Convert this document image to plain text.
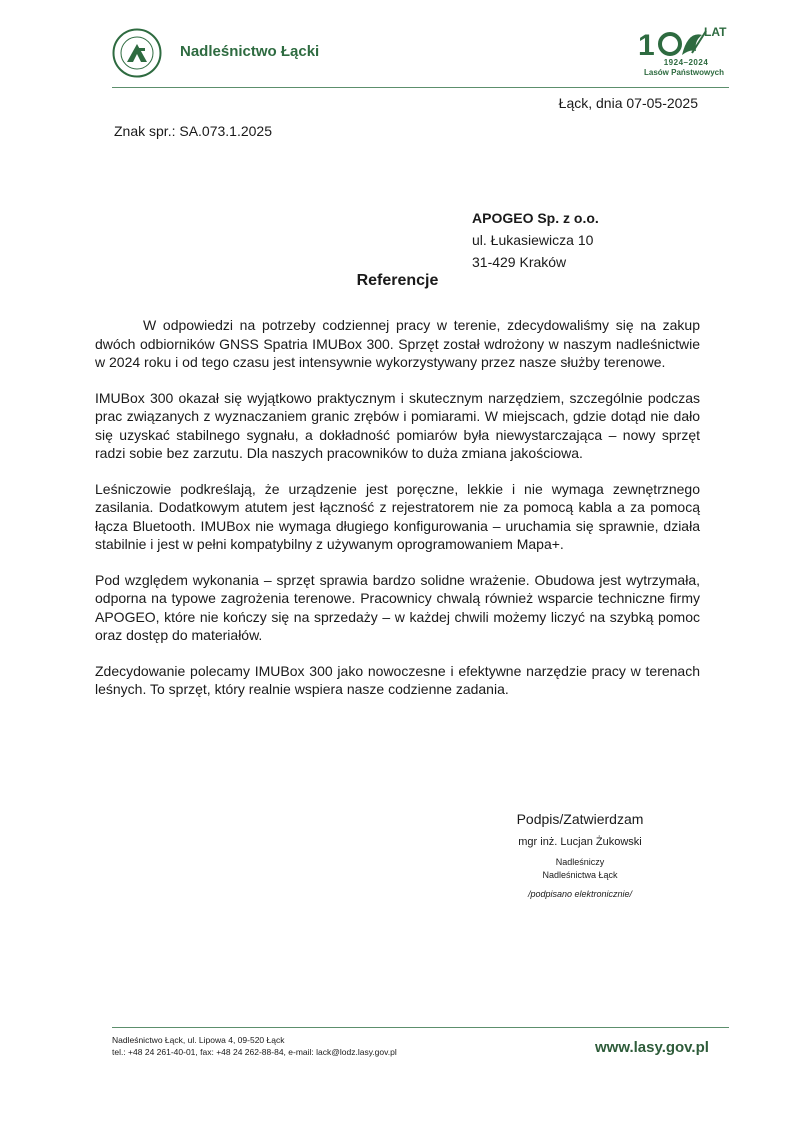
Nadleśnictwo Łącki	1	LAT
1924–2024
Lasów Państwowych
Łąck, dnia 07-05-2025
Znak spr.: SA.073.1.2025
APOGEO Sp. z o.o.
ul. Łukasiewicza 10
31-429 Kraków
Referencje

W odpowiedzi na potrzeby codziennej pracy w terenie, zdecydowaliśmy się na zakup dwóch odbiorników GNSS Spatria IMUBox 300. Sprzęt został wdrożony w naszym nadleśnictwie w 2024 roku i od tego czasu jest intensywnie wykorzystywany przez nasze służby terenowe.

IMUBox 300 okazał się wyjątkowo praktycznym i skutecznym narzędziem, szczególnie podczas prac związanych z wyznaczaniem granic zrębów i pomiarami. W miejscach, gdzie dotąd nie dało się uzyskać stabilnego sygnału, a dokładność pomiarów była niewystarczająca – nowy sprzęt radzi sobie bez zarzutu. Dla naszych pracowników to duża zmiana jakościowa.

Leśniczowie podkreślają, że urządzenie jest poręczne, lekkie i nie wymaga zewnętrznego zasilania. Dodatkowym atutem jest łączność z rejestratorem nie za pomocą kabla a za pomocą łącza Bluetooth. IMUBox nie wymaga długiego konfigurowania – uruchamia się sprawnie, działa stabilnie i jest w pełni kompatybilny z używanym oprogramowaniem Mapa+.

Pod względem wykonania – sprzęt sprawia bardzo solidne wrażenie. Obudowa jest wytrzymała, odporna na typowe zagrożenia terenowe. Pracownicy chwalą również wsparcie techniczne firmy APOGEO, które nie kończy się na sprzedaży – w każdej chwili możemy liczyć na szybką pomoc oraz dostęp do materiałów.

Zdecydowanie polecamy IMUBox 300 jako nowoczesne i efektywne narzędzie pracy w terenach leśnych. To sprzęt, który realnie wspiera nasze codzienne zadania.

Podpis/Zatwierdzam
mgr inż. Lucjan Żukowski
Nadleśniczy
Nadleśnictwa Łąck
/podpisano elektronicznie/
Nadleśnictwo Łąck, ul. Lipowa 4, 09-520 Łąck
tel.: +48 24 261-40-01, fax: +48 24 262-88-84, e-mail: lack@lodz.lasy.gov.pl	www.lasy.gov.pl
